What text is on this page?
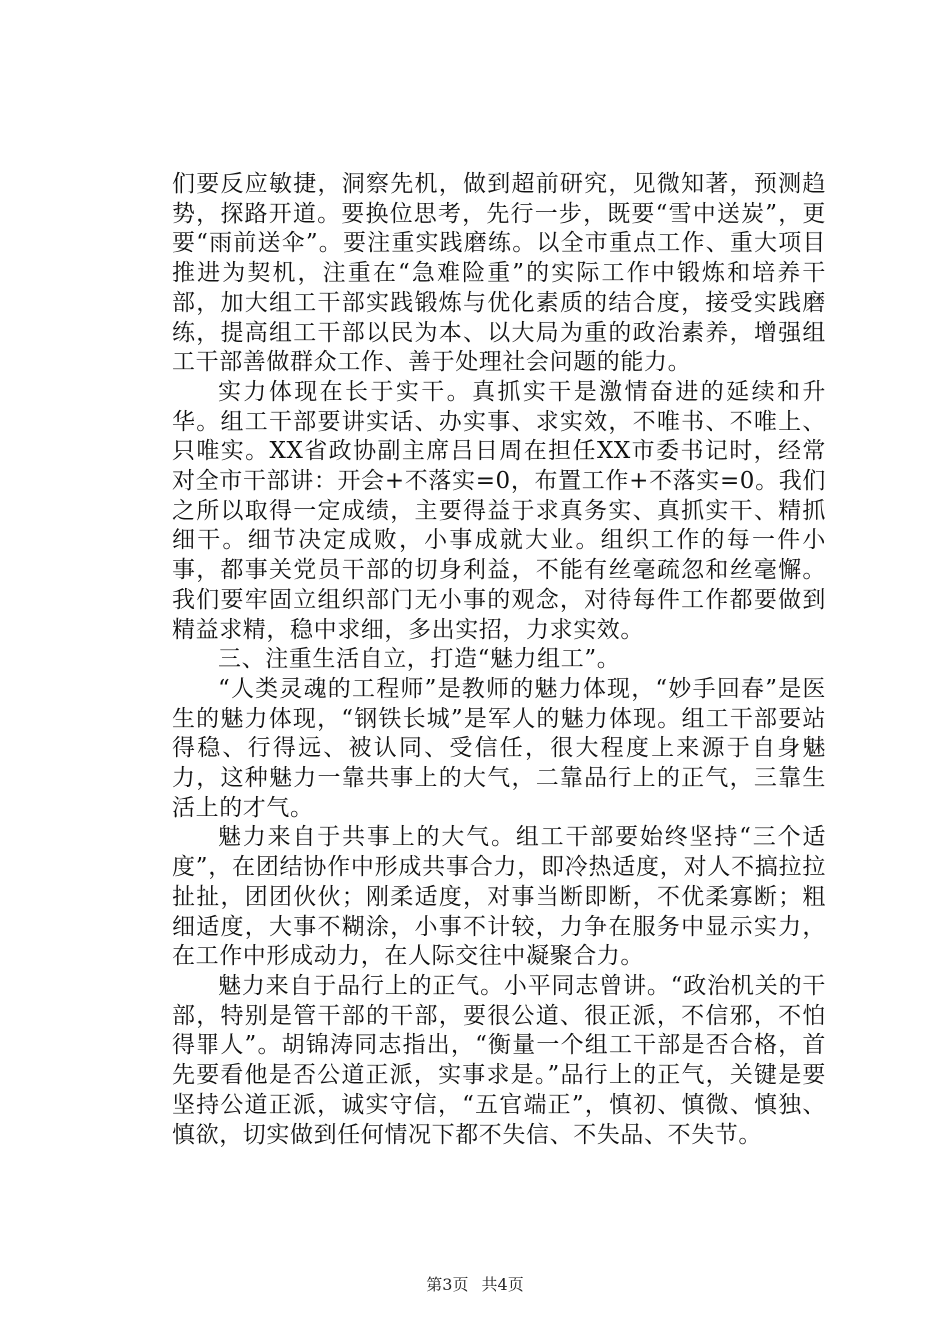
们要反应敏捷，洞察先机，做到超前研究，见微知著，预测趋势，探路开道。要换位思考，先行一步，既要“雪中送炭”，更要“雨前送伞”。要注重实践磨练。以全市重点工作、重大项目推进为契机，注重在“急难险重”的实际工作中锻炼和培养干部，加大组工干部实践锻炼与优化素质的结合度，接受实践磨练，提高组工干部以民为本、以大局为重的政治素养，增强组工干部善做群众工作、善于处理社会问题的能力。

实力体现在长于实干。真抓实干是激情奋进的延续和升华。组工干部要讲实话、办实事、求实效，不唯书、不唯上、只唯实。XX省政协副主席吕日周在担任XX市委书记时，经常对全市干部讲：开会+不落实=0，布置工作+不落实=0。我们之所以取得一定成绩，主要得益于求真务实、真抓实干、精抓细干。细节决定成败，小事成就大业。组织工作的每一件小事，都事关党员干部的切身利益，不能有丝毫疏忽和丝毫懈。我们要牢固立组织部门无小事的观念，对待每件工作都要做到精益求精，稳中求细，多出实招，力求实效。

三、注重生活自立，打造“魅力组工”。

“人类灵魂的工程师”是教师的魅力体现，“妙手回春”是医生的魅力体现，“钢铁长城”是军人的魅力体现。组工干部要站得稳、行得远、被认同、受信任，很大程度上来源于自身魅力，这种魅力一靠共事上的大气，二靠品行上的正气，三靠生活上的才气。

魅力来自于共事上的大气。组工干部要始终坚持“三个适度”，在团结协作中形成共事合力，即冷热适度，对人不搞拉拉扯扯，团团伙伙；刚柔适度，对事当断即断，不优柔寡断；粗细适度，大事不糊涂，小事不计较，力争在服务中显示实力，在工作中形成动力，在人际交往中凝聚合力。

魅力来自于品行上的正气。小平同志曾讲。“政治机关的干部，特别是管干部的干部，要很公道、很正派，不信邪，不怕得罪人”。胡锦涛同志指出，“衡量一个组工干部是否合格，首先要看他是否公道正派，实事求是。”品行上的正气，关键是要坚持公道正派，诚实守信，“五官端正”，慎初、慎微、慎独、慎欲，切实做到任何情况下都不失信、不失品、不失节。

第3页 共4页
